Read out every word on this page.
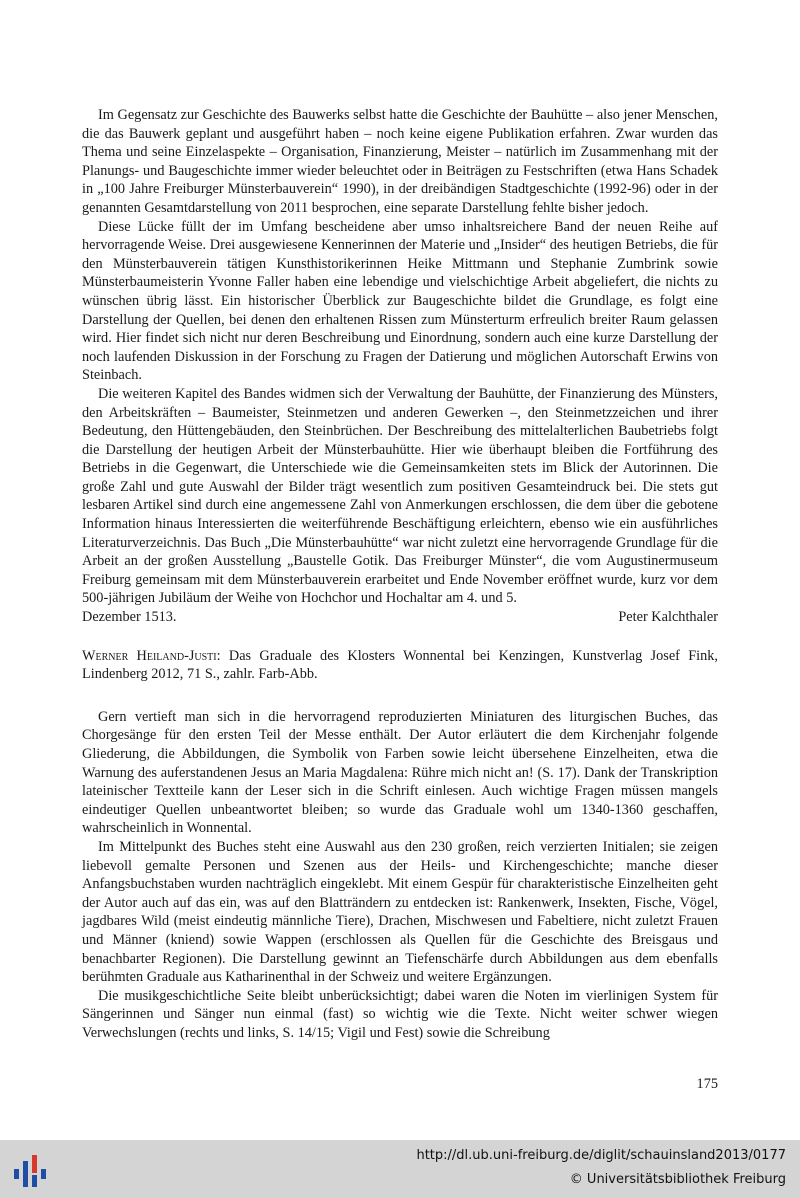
Im Gegensatz zur Geschichte des Bauwerks selbst hatte die Geschichte der Bauhütte – also jener Menschen, die das Bauwerk geplant und ausgeführt haben – noch keine eigene Publikation erfahren. Zwar wurden das Thema und seine Einzelaspekte – Organisation, Finanzierung, Meister – natürlich im Zusammenhang mit der Planungs- und Baugeschichte immer wieder beleuchtet oder in Beiträgen zu Festschriften (etwa Hans Schadek in „100 Jahre Freiburger Münsterbauverein“ 1990), in der dreibändigen Stadtgeschichte (1992-96) oder in der genannten Gesamtdarstellung von 2011 besprochen, eine separate Darstellung fehlte bisher jedoch.

Diese Lücke füllt der im Umfang bescheidene aber umso inhaltsreichere Band der neuen Reihe auf hervorragende Weise. Drei ausgewiesene Kennerinnen der Materie und „Insider“ des heutigen Betriebs, die für den Münsterbauverein tätigen Kunsthistorikerinnen Heike Mittmann und Stephanie Zumbrink sowie Münsterbaumeisterin Yvonne Faller haben eine lebendige und vielschichtige Arbeit abgeliefert, die nichts zu wünschen übrig lässt. Ein historischer Überblick zur Baugeschichte bildet die Grundlage, es folgt eine Darstellung der Quellen, bei denen den erhaltenen Rissen zum Münsterturm erfreulich breiter Raum gelassen wird. Hier findet sich nicht nur deren Beschreibung und Einordnung, sondern auch eine kurze Darstellung der noch laufenden Diskussion in der Forschung zu Fragen der Datierung und möglichen Autorschaft Erwins von Steinbach.

Die weiteren Kapitel des Bandes widmen sich der Verwaltung der Bauhütte, der Finanzierung des Münsters, den Arbeitskräften – Baumeister, Steinmetzen und anderen Gewerken –, den Steinmetzzeichen und ihrer Bedeutung, den Hüttengebäuden, den Steinbrüchen. Der Beschreibung des mittelalterlichen Baubetriebs folgt die Darstellung der heutigen Arbeit der Münsterbauhütte. Hier wie überhaupt bleiben die Fortführung des Betriebs in die Gegenwart, die Unterschiede wie die Gemeinsamkeiten stets im Blick der Autorinnen. Die große Zahl und gute Auswahl der Bilder trägt wesentlich zum positiven Gesamteindruck bei. Die stets gut lesbaren Artikel sind durch eine angemessene Zahl von Anmerkungen erschlossen, die dem über die gebotene Information hinaus Interessierten die weiterführende Beschäftigung erleichtern, ebenso wie ein ausführliches Literaturverzeichnis. Das Buch „Die Münsterbauhütte“ war nicht zuletzt eine hervorragende Grundlage für die Arbeit an der großen Ausstellung „Baustelle Gotik. Das Freiburger Münster“, die vom Augustinermuseum Freiburg gemeinsam mit dem Münsterbauverein erarbeitet und Ende November eröffnet wurde, kurz vor dem 500-jährigen Jubiläum der Weihe von Hochchor und Hochaltar am 4. und 5.

Dezember 1513.	Peter Kalchthaler

Werner Heiland-Justi: Das Graduale des Klosters Wonnental bei Kenzingen, Kunstverlag Josef Fink, Lindenberg 2012, 71 S., zahlr. Farb-Abb.

Gern vertieft man sich in die hervorragend reproduzierten Miniaturen des liturgischen Buches, das Chorgesänge für den ersten Teil der Messe enthält. Der Autor erläutert die dem Kirchenjahr folgende Gliederung, die Abbildungen, die Symbolik von Farben sowie leicht übersehene Einzelheiten, etwa die Warnung des auferstandenen Jesus an Maria Magdalena: Rühre mich nicht an! (S. 17). Dank der Transkription lateinischer Textteile kann der Leser sich in die Schrift einlesen. Auch wichtige Fragen müssen mangels eindeutiger Quellen unbeantwortet bleiben; so wurde das Graduale wohl um 1340-1360 geschaffen, wahrscheinlich in Wonnental.

Im Mittelpunkt des Buches steht eine Auswahl aus den 230 großen, reich verzierten Initialen; sie zeigen liebevoll gemalte Personen und Szenen aus der Heils- und Kirchengeschichte; manche dieser Anfangsbuchstaben wurden nachträglich eingeklebt. Mit einem Gespür für charakteristische Einzelheiten geht der Autor auch auf das ein, was auf den Blatträndern zu entdecken ist: Rankenwerk, Insekten, Fische, Vögel, jagdbares Wild (meist eindeutig männliche Tiere), Drachen, Mischwesen und Fabeltiere, nicht zuletzt Frauen und Männer (kniend) sowie Wappen (erschlossen als Quellen für die Geschichte des Breisgaus und benachbarter Regionen). Die Darstellung gewinnt an Tiefenschärfe durch Abbildungen aus dem ebenfalls berühmten Graduale aus Katharinenthal in der Schweiz und weitere Ergänzungen.

Die musikgeschichtliche Seite bleibt unberücksichtigt; dabei waren die Noten im vierlinigen System für Sängerinnen und Sänger nun einmal (fast) so wichtig wie die Texte. Nicht weiter schwer wiegen Verwechslungen (rechts und links, S. 14/15; Vigil und Fest) sowie die Schreibung

175
http://dl.ub.uni-freiburg.de/diglit/schauinsland2013/0177
© Universitätsbibliothek Freiburg
